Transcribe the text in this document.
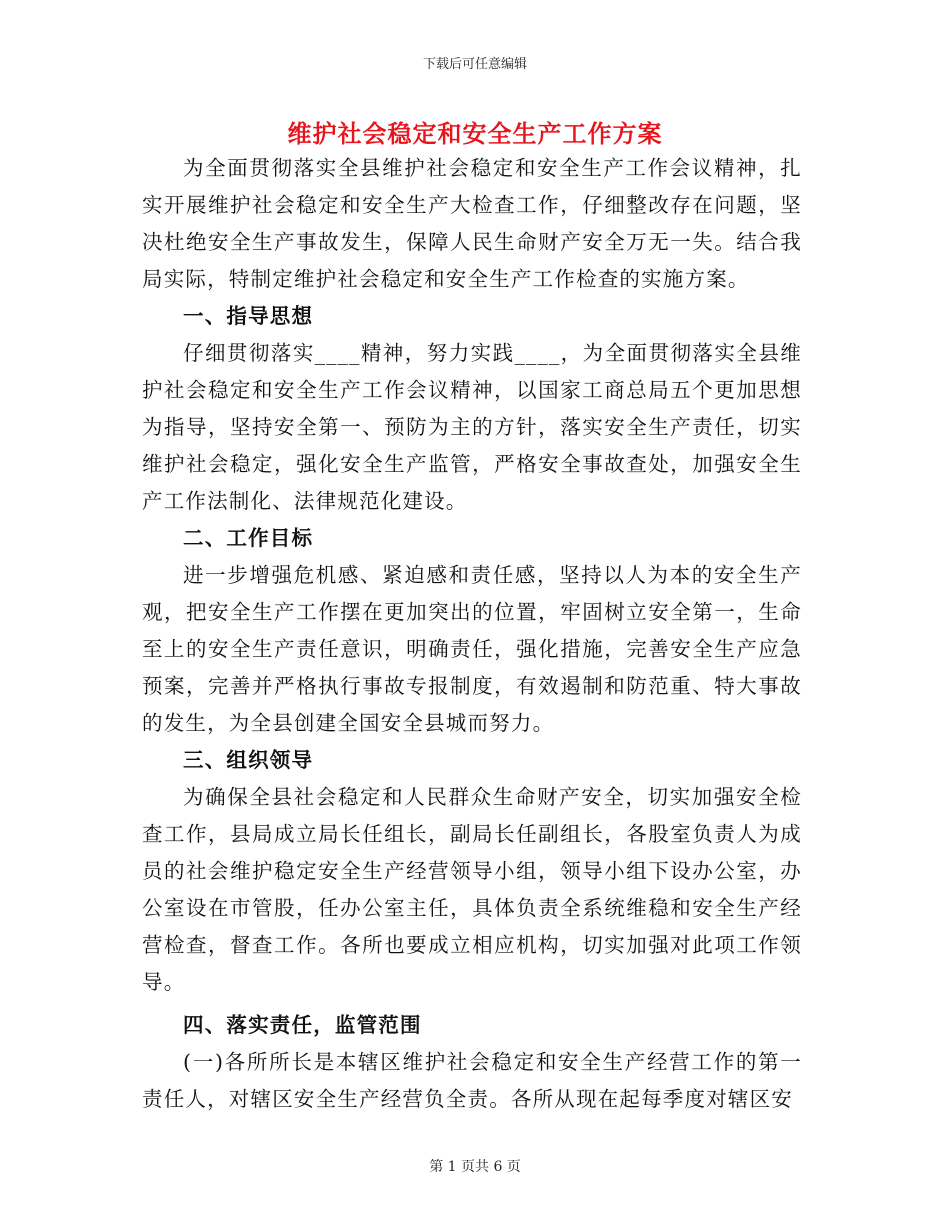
下载后可任意编辑
维护社会稳定和安全生产工作方案

为全面贯彻落实全县维护社会稳定和安全生产工作会议精神，扎实开展维护社会稳定和安全生产大检查工作，仔细整改存在问题，坚决杜绝安全生产事故发生，保障人民生命财产安全万无一失。结合我局实际，特制定维护社会稳定和安全生产工作检查的实施方案。

一、指导思想

仔细贯彻落实____精神，努力实践____，为全面贯彻落实全县维护社会稳定和安全生产工作会议精神，以国家工商总局五个更加思想为指导，坚持安全第一、预防为主的方针，落实安全生产责任，切实维护社会稳定，强化安全生产监管，严格安全事故查处，加强安全生产工作法制化、法律规范化建设。

二、工作目标

进一步增强危机感、紧迫感和责任感，坚持以人为本的安全生产观，把安全生产工作摆在更加突出的位置，牢固树立安全第一，生命至上的安全生产责任意识，明确责任，强化措施，完善安全生产应急预案，完善并严格执行事故专报制度，有效遏制和防范重、特大事故的发生，为全县创建全国安全县城而努力。

三、组织领导

为确保全县社会稳定和人民群众生命财产安全，切实加强安全检查工作，县局成立局长任组长，副局长任副组长，各股室负责人为成员的社会维护稳定安全生产经营领导小组，领导小组下设办公室，办公室设在市管股，任办公室主任，具体负责全系统维稳和安全生产经营检查，督查工作。各所也要成立相应机构，切实加强对此项工作领导。

四、落实责任，监管范围

(一)各所所长是本辖区维护社会稳定和安全生产经营工作的第一责任人，对辖区安全生产经营负全责。各所从现在起每季度对辖区安

第 1 页共 6 页
